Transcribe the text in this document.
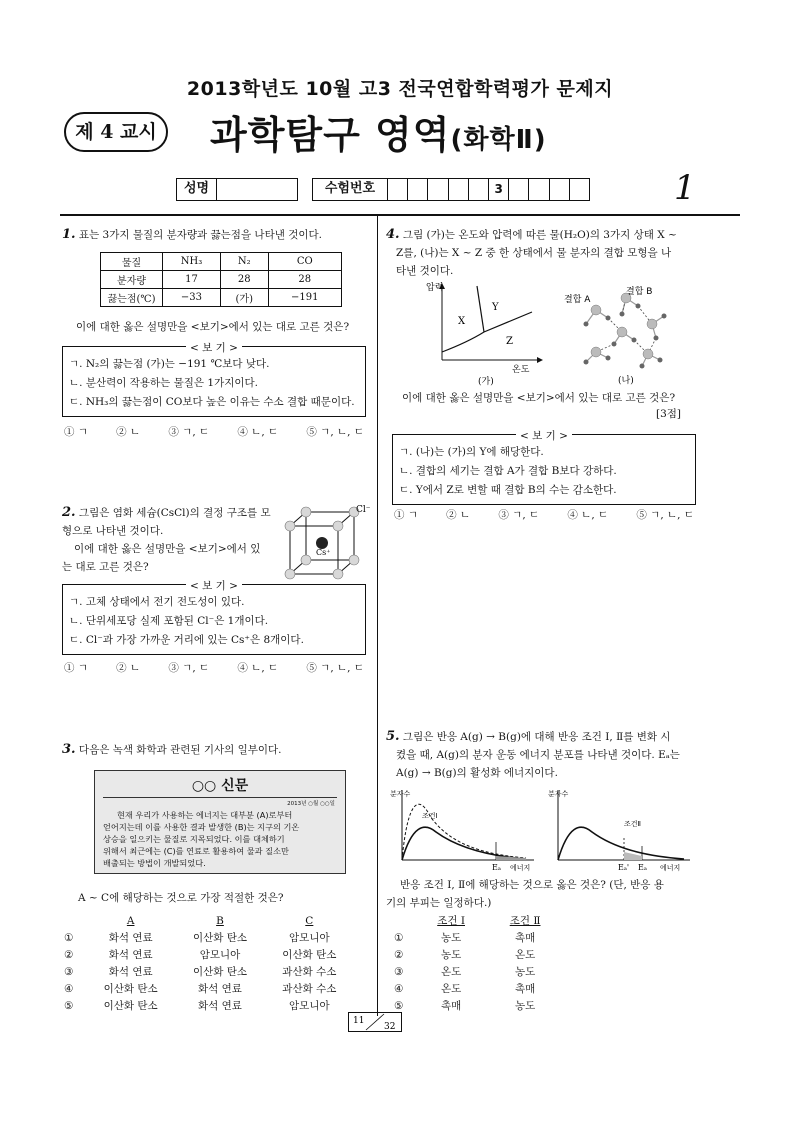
2013학년도 10월 고3 전국연합학력평가 문제지
제 4 교시 과학탐구 영역(화학Ⅱ)
성명	수험번호	3	1
1. 표는 3가지 물질의 분자량과 끓는점을 나타낸 것이다.
물질	NH₃	N₂	CO
분자량	17	28	28
끓는점(℃)	−33	(가)	−191
이에 대한 옳은 설명만을 <보기>에서 있는 대로 고른 것은?
< 보 기 >
ㄱ. N₂의 끓는점 (가)는 −191 ℃보다 낮다.
ㄴ. 분산력이 작용하는 물질은 1가지이다.
ㄷ. NH₃의 끓는점이 CO보다 높은 이유는 수소 결합 때문이다.
① ㄱ	② ㄴ	③ ㄱ, ㄷ	④ ㄴ, ㄷ	⑤ ㄱ, ㄴ, ㄷ
2. 그림은 염화 세슘(CsCl)의 결정 구조를 모
형으로 나타낸 것이다.
이에 대한 옳은 설명만을 <보기>에서 있
는 대로 고른 것은?
Cl⁻
Cs⁺
< 보 기 >
ㄱ. 고체 상태에서 전기 전도성이 있다.
ㄴ. 단위세포당 실제 포함된 Cl⁻은 1개이다.
ㄷ. Cl⁻과 가장 가까운 거리에 있는 Cs⁺은 8개이다.
① ㄱ	② ㄴ	③ ㄱ, ㄷ	④ ㄴ, ㄷ	⑤ ㄱ, ㄴ, ㄷ
3. 다음은 녹색 화학과 관련된 기사의 일부이다.
○○ 신문
2013년 ○월 ○○일
현재 우리가 사용하는 에너지는 대부분 (A)로부터
얻어지는데 이를 사용한 결과 발생한 (B)는 지구의 기온
상승을 일으키는 물질로 지목되었다. 이를 대체하기
위해서 최근에는 (C)를 연료로 활용하여 물과 질소만
배출되는 방법이 개발되었다.
A ~ C에 해당하는 것으로 가장 적절한 것은?
	A	B	C
①	화석 연료	이산화 탄소	암모니아
②	화석 연료	암모니아	이산화 탄소
③	화석 연료	이산화 탄소	과산화 수소
④	이산화 탄소	화석 연료	과산화 수소
⑤	이산화 탄소	화석 연료	암모니아
4. 그림 (가)는 온도와 압력에 따른 물(H₂O)의 3가지 상태 X ~
Z를, (나)는 X ~ Z 중 한 상태에서 물 분자의 결합 모형을 나
타낸 것이다.
압력
온도
X
Y
Z
(가)
결합 A
결합 B
(나)
이에 대한 옳은 설명만을 <보기>에서 있는 대로 고른 것은?
[3점]
< 보 기 >
ㄱ. (나)는 (가)의 Y에 해당한다.
ㄴ. 결합의 세기는 결합 A가 결합 B보다 강하다.
ㄷ. Y에서 Z로 변할 때 결합 B의 수는 감소한다.
① ㄱ	② ㄴ	③ ㄱ, ㄷ	④ ㄴ, ㄷ	⑤ ㄱ, ㄴ, ㄷ
5. 그림은 반응 A(g) → B(g)에 대해 반응 조건 Ⅰ, Ⅱ를 변화 시
켰을 때, A(g)의 분자 운동 에너지 분포를 나타낸 것이다. Eₐ는
A(g) → B(g)의 활성화 에너지이다.
분자수
조건Ⅰ
Eₐ 에너지
분자수
조건Ⅱ
Eₐ' Eₐ 에너지
반응 조건 Ⅰ, Ⅱ에 해당하는 것으로 옳은 것은? (단, 반응 용
기의 부피는 일정하다.)
	조건 Ⅰ	조건 Ⅱ
①	농도	촉매
②	농도	온도
③	온도	농도
④	온도	촉매
⑤	촉매	농도
11
32
